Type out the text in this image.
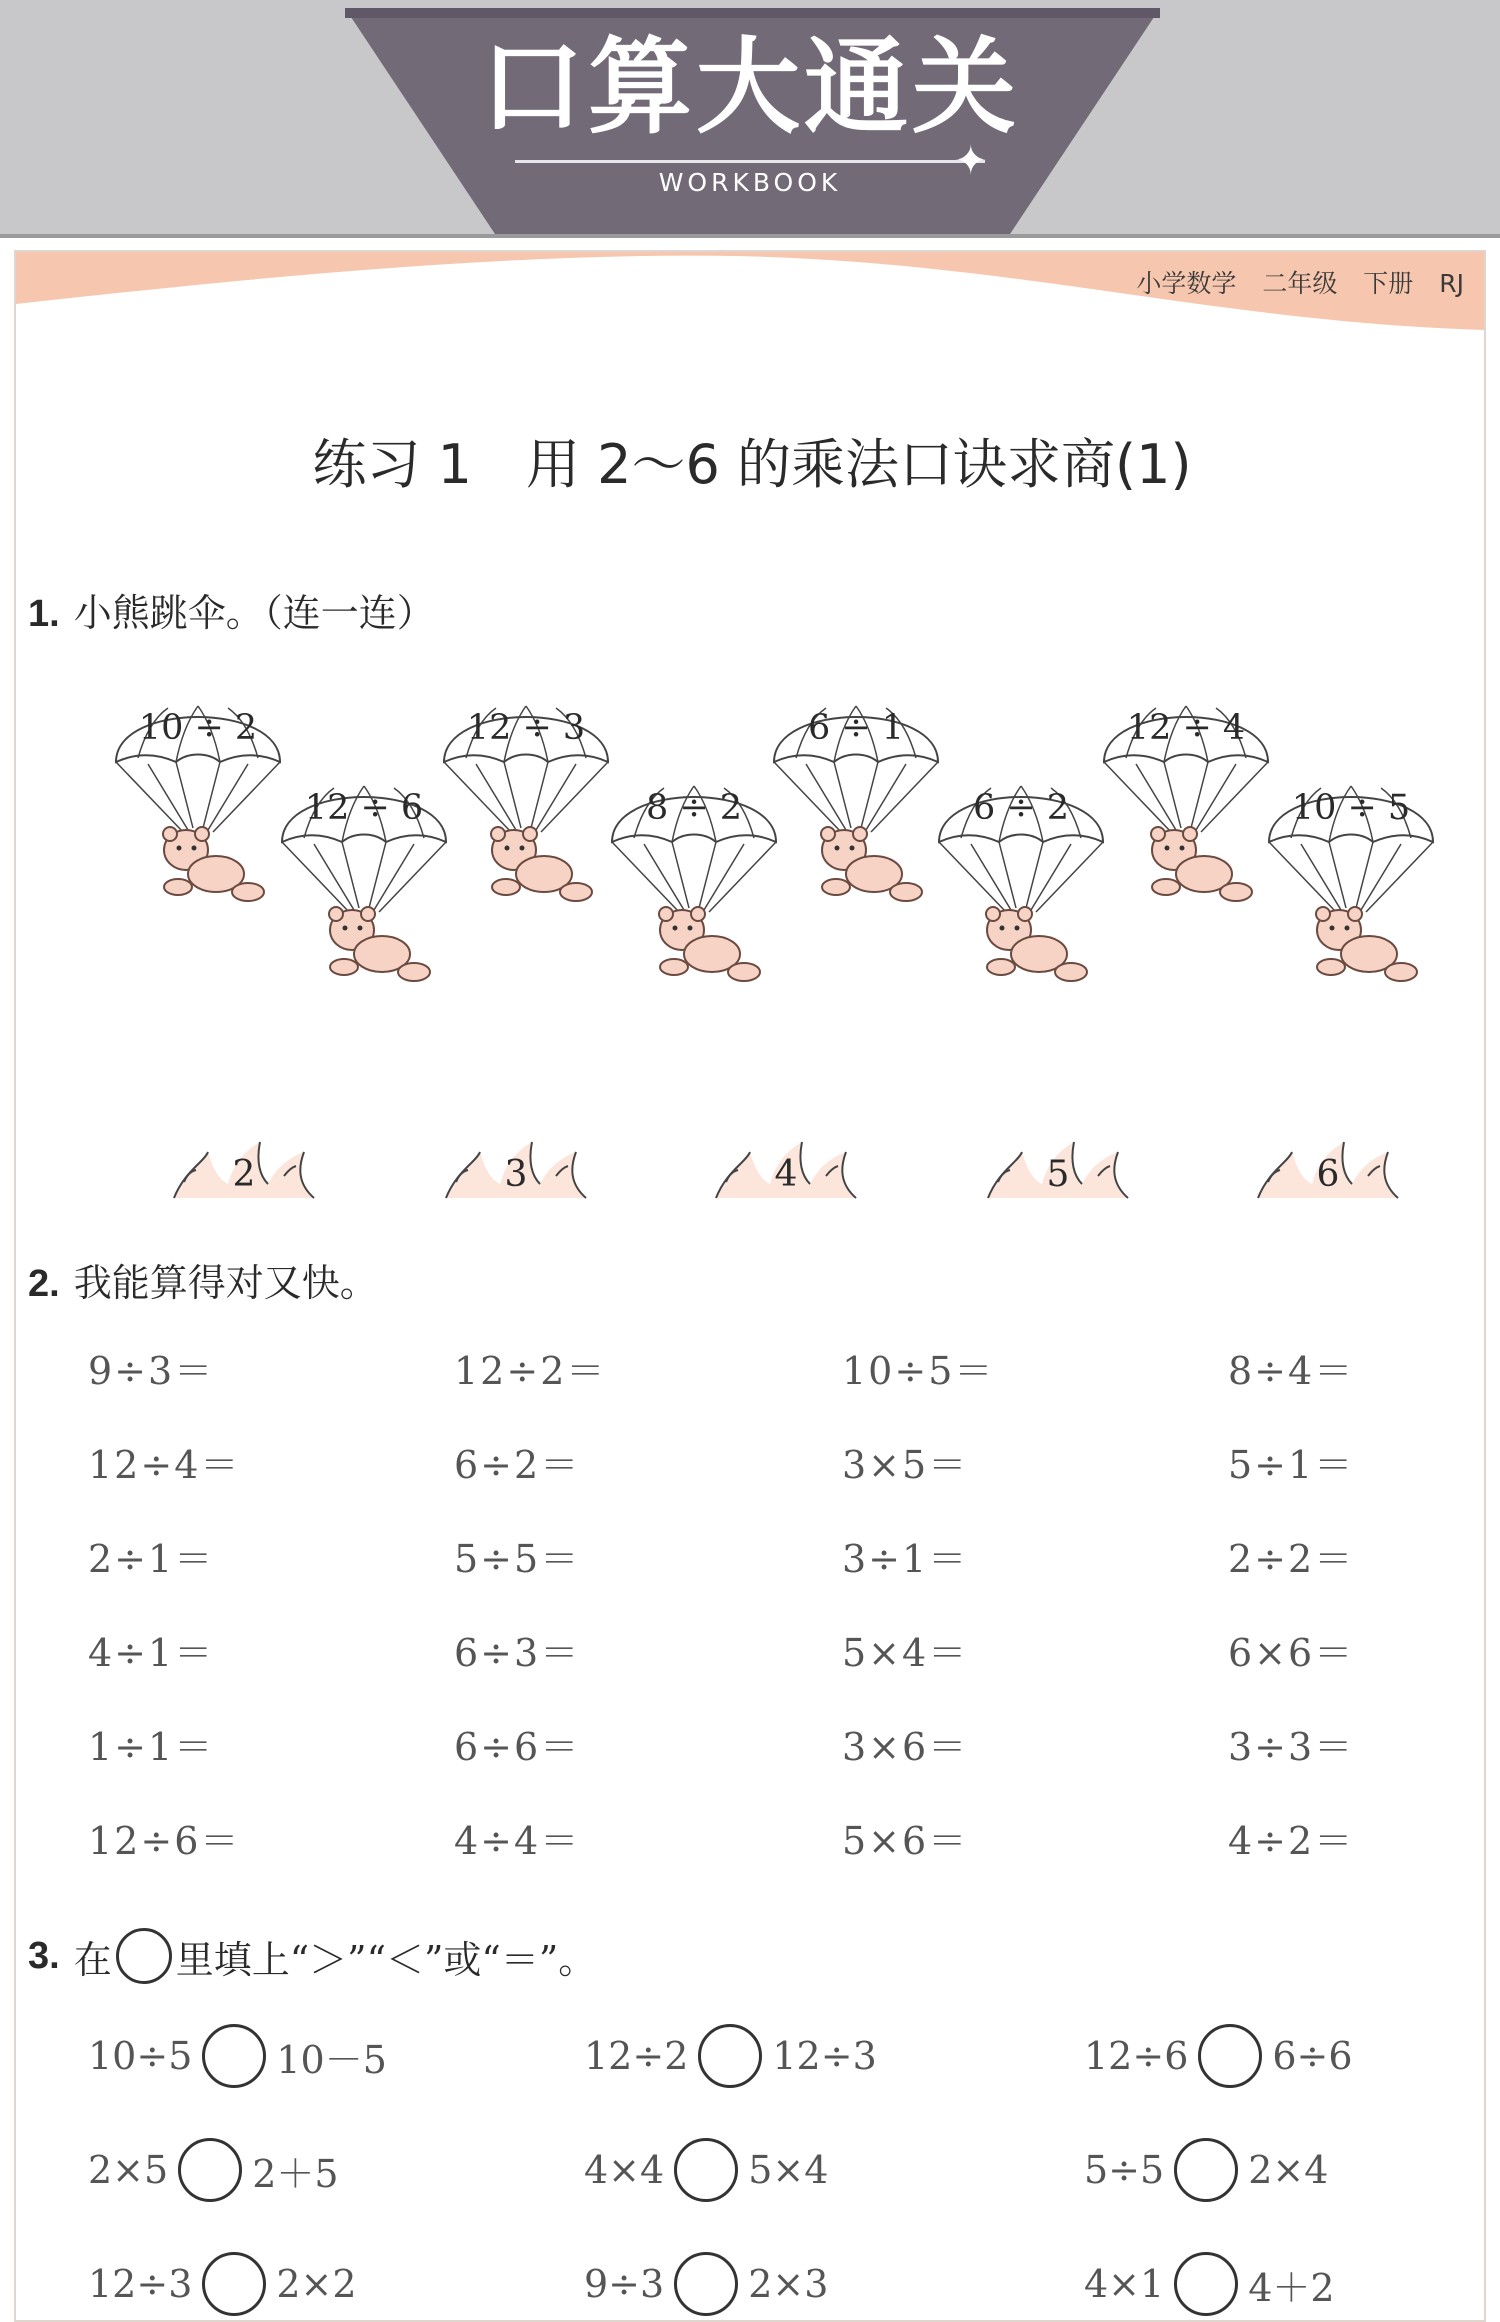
口算大通关
✦
WORKBOOK
小学数学 二年级 下册 RJ
练习 1　用 2～6 的乘法口诀求商(1)
1. 小熊跳伞。（连一连）
10 ÷ 2
12 ÷ 6
12 ÷ 3
8 ÷ 2
6 ÷ 1
6 ÷ 2
12 ÷ 4
10 ÷ 5
2	3	4	5	6
2. 我能算得对又快。
9÷3＝	12÷2＝	10÷5＝	8÷4＝
12÷4＝	6÷2＝	3×5＝	5÷1＝
2÷1＝	5÷5＝	3÷1＝	2÷2＝
4÷1＝	6÷3＝	5×4＝	6×6＝
1÷1＝	6÷6＝	3×6＝	3÷3＝
12÷6＝	4÷4＝	5×6＝	4÷2＝
3. 在 里填上“＞”“＜”或“＝”。
10÷5 10－5	12÷2 12÷3	12÷6 6÷6
2×5 2＋5	4×4 5×4	5÷5 2×4
12÷3 2×2	9÷3 2×3	4×1 4＋2
